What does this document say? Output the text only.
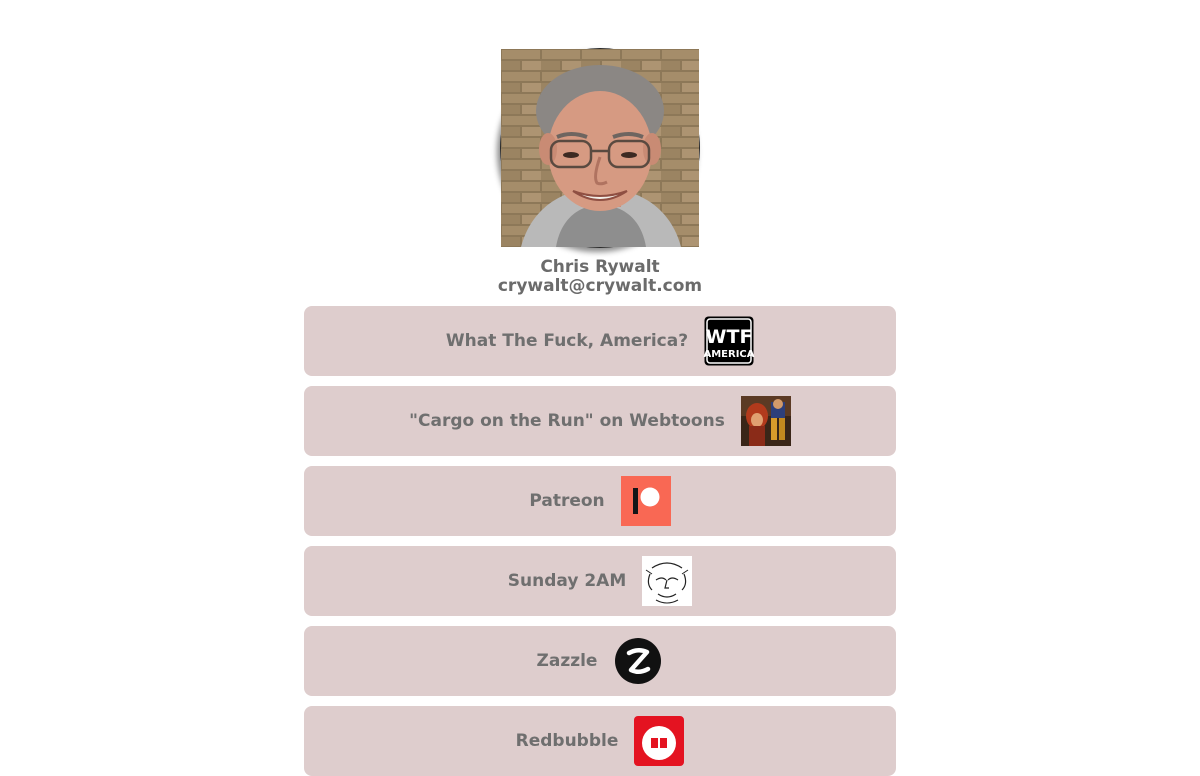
Chris Rywalt
crywalt@crywalt.com
What The Fuck, America? WTF
AMERICA
"Cargo on the Run" on Webtoons
Patreon
Sunday 2AM
Zazzle
Redbubble
